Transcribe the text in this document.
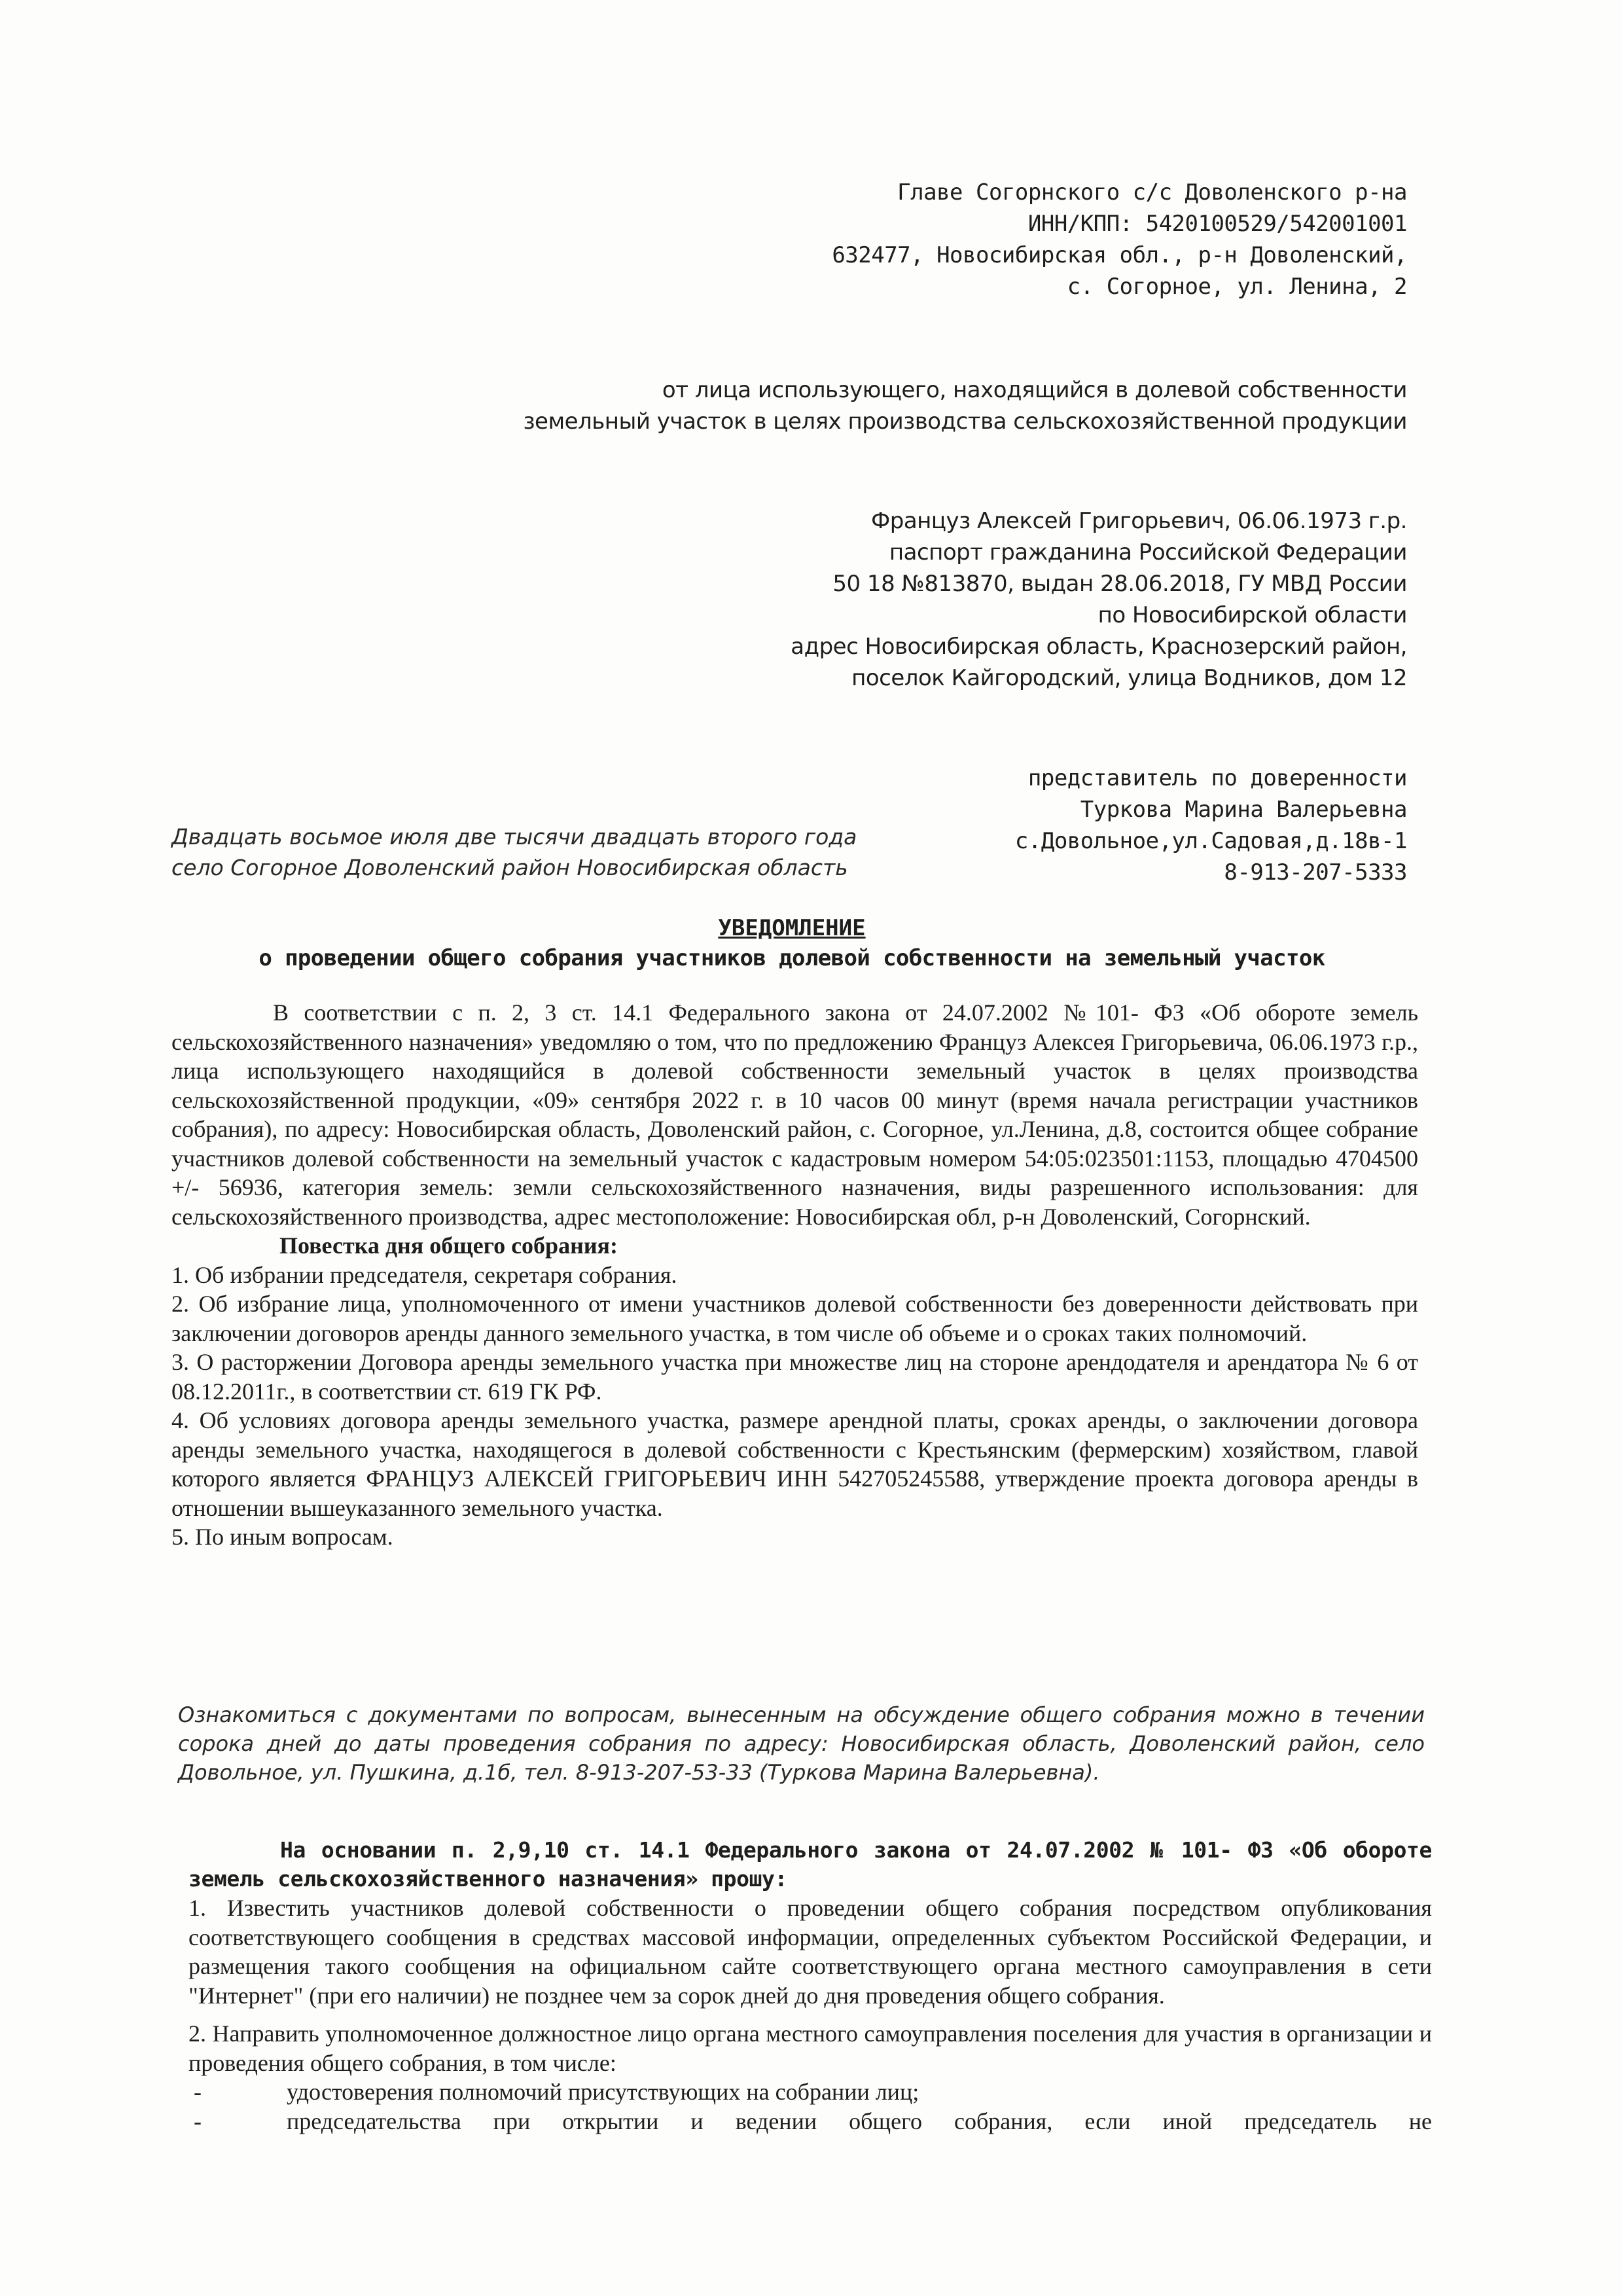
Главе Согорнского с/с Доволенского р-на
ИНН/КПП: 5420100529/542001001
632477, Новосибирская обл., р-н Доволенский,
с. Согорное, ул. Ленина, 2
от лица использующего, находящийся в долевой собственности
земельный участок в целях производства сельскохозяйственной продукции
Француз Алексей Григорьевич, 06.06.1973 г.р.
паспорт гражданина Российской Федерации
50 18 №813870, выдан 28.06.2018, ГУ МВД России
по Новосибирской области
адрес Новосибирская область, Краснозерский район,
поселок Кайгородский, улица Водников, дом 12
представитель по доверенности
Туркова Марина Валерьевна
с.Довольное,ул.Садовая,д.18в-1
8-913-207-5333
Двадцать восьмое июля две тысячи двадцать второго года
село Согорное Доволенский район Новосибирская область
УВЕДОМЛЕНИЕ
о проведении общего собрания участников долевой собственности на земельный участок

В соответствии с п. 2, 3 ст. 14.1 Федерального закона от 24.07.2002 №101- ФЗ «Об обороте земель сельскохозяйственного назначения» уведомляю о том, что по предложению Француз Алексея Григорьевича, 06.06.1973 г.р., лица использующего находящийся в долевой собственности земельный участок в целях производства сельскохозяйственной продукции, «09» сентября 2022 г. в 10 часов 00 минут (время начала регистрации участников собрания), по адресу: Новосибирская область, Доволенский район, с. Согорное, ул.Ленина, д.8, состоится общее собрание участников долевой собственности на земельный участок с кадастровым номером 54:05:023501:1153, площадью 4704500 +/- 56936, категория земель: земли сельскохозяйственного назначения, виды разрешенного использования: для сельскохозяйственного производства, адрес местоположение: Новосибирская обл, р-н Доволенский, Согорнский.

Повестка дня общего собрания:

1. Об избрании председателя, секретаря собрания.

2. Об избрание лица, уполномоченного от имени участников долевой собственности без доверенности действовать при заключении договоров аренды данного земельного участка, в том числе об объеме и о сроках таких полномочий.

3. О расторжении Договора аренды земельного участка при множестве лиц на стороне арендодателя и арендатора № 6 от 08.12.2011г., в соответствии ст. 619 ГК РФ.

4. Об условиях договора аренды земельного участка, размере арендной платы, сроках аренды, о заключении договора аренды земельного участка, находящегося в долевой собственности с Крестьянским (фермерским) хозяйством, главой которого является ФРАНЦУЗ АЛЕКСЕЙ ГРИГОРЬЕВИЧ ИНН 542705245588, утверждение проекта договора аренды в отношении вышеуказанного земельного участка.

5. По иным вопросам.

Ознакомиться с документами по вопросам, вынесенным на обсуждение общего собрания можно в течении сорока дней до даты проведения собрания по адресу: Новосибирская область, Доволенский район, село Довольное, ул. Пушкина, д.1б, тел. 8-913-207-53-33 (Туркова Марина Валерьевна).

На основании п. 2,9,10 ст. 14.1 Федерального закона от 24.07.2002 № 101- ФЗ «Об обороте земель сельскохозяйственного назначения» прошу:

1. Известить участников долевой собственности о проведении общего собрания посредством опубликования соответствующего сообщения в средствах массовой информации, определенных субъектом Российской Федерации, и размещения такого сообщения на официальном сайте соответствующего органа местного самоуправления в сети "Интернет" (при его наличии) не позднее чем за сорок дней до дня проведения общего собрания.

2. Направить уполномоченное должностное лицо органа местного самоуправления поселения для участия в организации и проведения общего собрания, в том числе:

-	удостоверения полномочий присутствующих на собрании лиц;
-	председательства при открытии и ведении общего собрания, если иной председатель не
